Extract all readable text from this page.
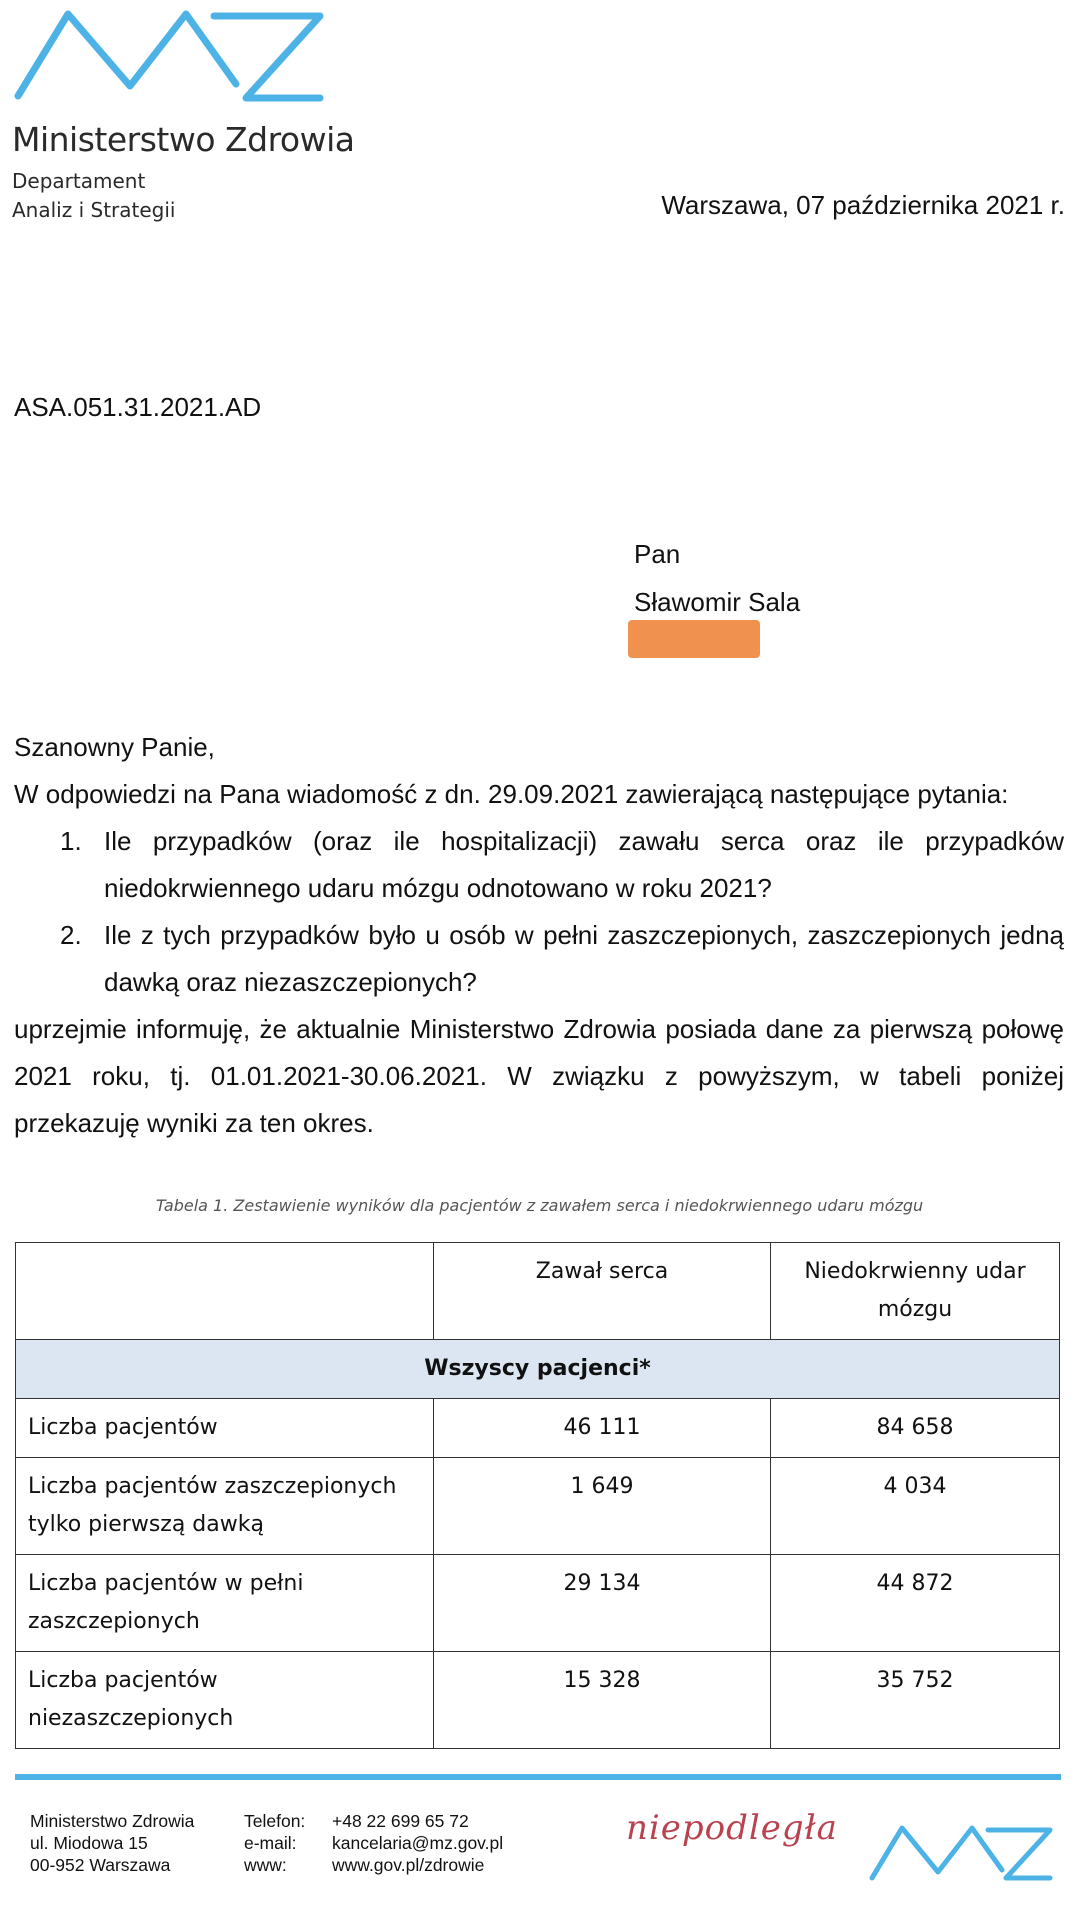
Ministerstwo Zdrowia
Departament
Analiz i Strategii	Warszawa, 07 października 2021 r.
ASA.051.31.2021.AD
Pan
Sławomir Sala

Szanowny Panie,

W odpowiedzi na Pana wiadomość z dn. 29.09.2021 zawierającą następujące pytania:

1. Ile przypadków (oraz ile hospitalizacji) zawału serca oraz ile przypadków niedokrwiennego udaru mózgu odnotowano w roku 2021?
2. Ile z tych przypadków było u osób w pełni zaszczepionych, zaszczepionych jedną dawką oraz niezaszczepionych?

uprzejmie informuję, że aktualnie Ministerstwo Zdrowia posiada dane za pierwszą połowę 2021 roku, tj. 01.01.2021-30.06.2021. W związku z powyższym, w tabeli poniżej przekazuję wyniki za ten okres.

Tabela 1. Zestawienie wyników dla pacjentów z zawałem serca i niedokrwiennego udaru mózgu
	Zawał serca	Niedokrwienny udar mózgu
Wszyscy pacjenci*		
Liczba pacjentów	46 111	84 658
Liczba pacjentów zaszczepionych tylko pierwszą dawką	1 649	4 034
Liczba pacjentów w pełni zaszczepionych	29 134	44 872
Liczba pacjentów niezaszczepionych	15 328	35 752
Ministerstwo Zdrowia
ul. Miodowa 15
00-952 Warszawa
Telefon:
e-mail:
www:
+48 22 699 65 72
kancelaria@mz.gov.pl
www.gov.pl/zdrowie
niepodległa
